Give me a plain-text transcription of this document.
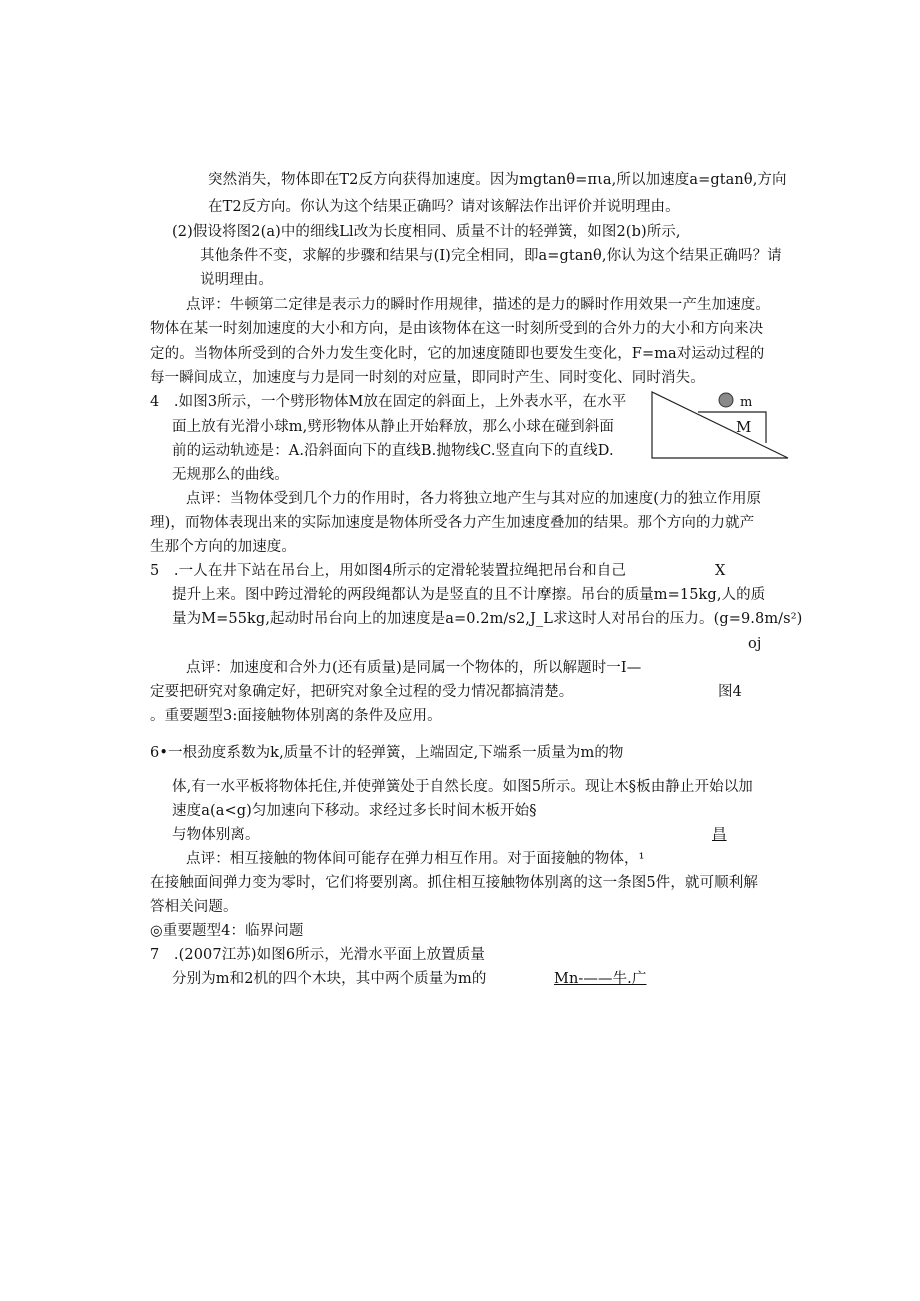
突然消失，物体即在T2反方向获得加速度。因为mgtanθ=πιa,所以加速度a=gtanθ,方向
在T2反方向。你认为这个结果正确吗？请对该解法作出评价并说明理由。
(2)假设将图2(a)中的细线Ll改为长度相同、质量不计的轻弹簧，如图2(b)所示,
其他条件不变，求解的步骤和结果与(I)完全相同，即a=gtanθ,你认为这个结果正确吗？请
说明理由。
点评：牛顿第二定律是表示力的瞬时作用规律，描述的是力的瞬时作用效果一产生加速度。
物体在某一时刻加速度的大小和方向，是由该物体在这一时刻所受到的合外力的大小和方向来决
定的。当物体所受到的合外力发生变化时，它的加速度随即也要发生变化，F=ma对运动过程的
每一瞬间成立，加速度与力是同一时刻的对应量，即同时产生、同时变化、同时消失。
4　.如图3所示，一个劈形物体M放在固定的斜面上，上外表水平，在水平
面上放有光滑小球m,劈形物体从静止开始释放，那么小球在碰到斜面
前的运动轨迹是：A.沿斜面向下的直线B.抛物线C.竖直向下的直线D.
无规那么的曲线。
m
M
点评：当物体受到几个力的作用时，各力将独立地产生与其对应的加速度(力的独立作用原
理)，而物体表现出来的实际加速度是物体所受各力产生加速度叠加的结果。那个方向的力就产
生那个方向的加速度。
5　.一人在井下站在吊台上，用如图4所示的定滑轮装置拉绳把吊台和自己	X
提升上来。图中跨过滑轮的两段绳都认为是竖直的且不计摩擦。吊台的质量m=15kg,人的质
量为M=55kg,起动时吊台向上的加速度是a=0.2m∕s2,J_L求这时人对吊台的压力。(g=9.8m∕s²)
oj
点评：加速度和合外力(还有质量)是同属一个物体的，所以解题时一I—
定要把研究对象确定好，把研究对象全过程的受力情况都搞清楚。	图4
。重要题型3:面接触物体别离的条件及应用。
6•一根劲度系数为k,质量不计的轻弹簧，上端固定,下端系一质量为m的物
体,有一水平板将物体托住,并使弹簧处于自然长度。如图5所示。现让木§板由静止开始以加
速度a(a<g)匀加速向下移动。求经过多长时间木板开始§
与物体别离。	昌
点评：相互接触的物体间可能存在弹力相互作用。对于面接触的物体，¹
在接触面间弹力变为零时，它们将要别离。抓住相互接触物体别离的这一条图5件，就可顺利解
答相关问题。
◎重要题型4：临界问题
7　.(2007江苏)如图6所示，光滑水平面上放置质量
分别为m和2机的四个木块，其中两个质量为m的	Mn-——牛.广
